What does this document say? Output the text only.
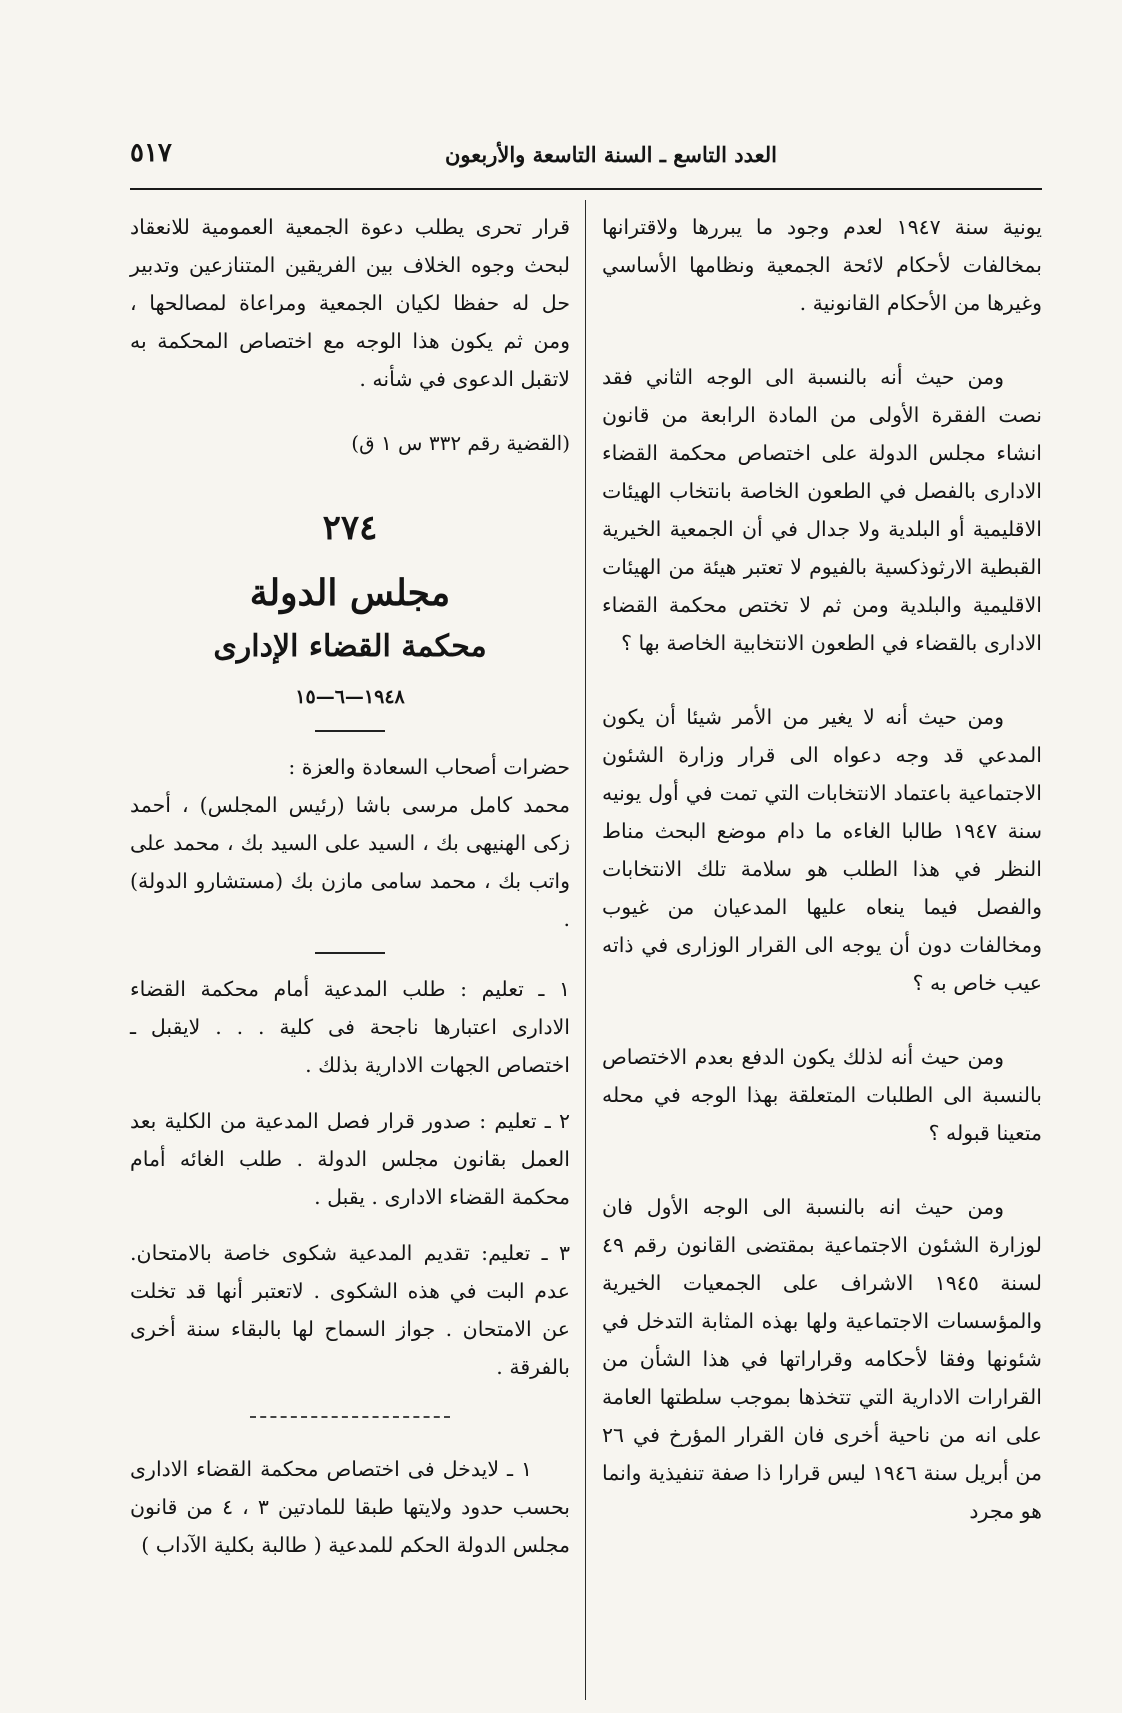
العدد التاسع ـ السنة التاسعة والأربعون
٥١٧

يونية سنة ١٩٤٧ لعدم وجود ما يبررها ولاقترانها بمخالفات لأحكام لائحة الجمعية ونظامها الأساسي وغيرها من الأحكام القانونية .

ومن حيث أنه بالنسبة الى الوجه الثاني فقد نصت الفقرة الأولى من المادة الرابعة من قانون انشاء مجلس الدولة على اختصاص محكمة القضاء الادارى بالفصل في الطعون الخاصة بانتخاب الهيئات الاقليمية أو البلدية ولا جدال في أن الجمعية الخيرية القبطية الارثوذكسية بالفيوم لا تعتبر هيئة من الهيئات الاقليمية والبلدية ومن ثم لا تختص محكمة القضاء الادارى بالقضاء في الطعون الانتخابية الخاصة بها ؟

ومن حيث أنه لا يغير من الأمر شيئا أن يكون المدعي قد وجه دعواه الى قرار وزارة الشئون الاجتماعية باعتماد الانتخابات التي تمت في أول يونيه سنة ١٩٤٧ طالبا الغاءه ما دام موضع البحث مناط النظر في هذا الطلب هو سلامة تلك الانتخابات والفصل فيما ينعاه عليها المدعيان من غيوب ومخالفات دون أن يوجه الى القرار الوزارى في ذاته عيب خاص به ؟

ومن حيث أنه لذلك يكون الدفع بعدم الاختصاص بالنسبة الى الطلبات المتعلقة بهذا الوجه في محله متعينا قبوله ؟

ومن حيث انه بالنسبة الى الوجه الأول فان لوزارة الشئون الاجتماعية بمقتضى القانون رقم ٤٩ لسنة ١٩٤٥ الاشراف على الجمعيات الخيرية والمؤسسات الاجتماعية ولها بهذه المثابة التدخل في شئونها وفقا لأحكامه وقراراتها في هذا الشأن من القرارات الادارية التي تتخذها بموجب سلطتها العامة على انه من ناحية أخرى فان القرار المؤرخ في ٢٦ من أبريل سنة ١٩٤٦ ليس قرارا ذا صفة تنفيذية وانما هو مجرد

قرار تحرى يطلب دعوة الجمعية العمومية للانعقاد لبحث وجوه الخلاف بين الفريقين المتنازعين وتدبير حل له حفظا لكيان الجمعية ومراعاة لمصالحها ، ومن ثم يكون هذا الوجه مع اختصاص المحكمة به لاتقبل الدعوى في شأنه .

(القضية رقم ٣٣٢ س ١ ق)

٢٧٤
مجلس الدولة
محكمة القضاء الإدارى
١٩٤٨—٦—١٥

حضرات أصحاب السعادة والعزة :

محمد كامل مرسى باشا (رئيس المجلس) ، أحمد زكى الهنيهى بك ، السيد على السيد بك ، محمد على واتب بك ، محمد سامى مازن بك (مستشارو الدولة) .

١ ـ تعليم : طلب المدعية أمام محكمة القضاء الادارى اعتبارها ناجحة فى كلية . . . لايقبل ـ اختصاص الجهات الادارية بذلك .

٢ ـ تعليم : صدور قرار فصل المدعية من الكلية بعد العمل بقانون مجلس الدولة . طلب الغائه أمام محكمة القضاء الادارى . يقبل .

٣ ـ تعليم: تقديم المدعية شكوى خاصة بالامتحان. عدم البت في هذه الشكوى . لاتعتبر أنها قد تخلت عن الامتحان . جواز السماح لها بالبقاء سنة أخرى بالفرقة .

١ ـ لايدخل فى اختصاص محكمة القضاء الادارى بحسب حدود ولايتها طبقا للمادتين ٣ ، ٤ من قانون مجلس الدولة الحكم للمدعية ( طالبة بكلية الآداب )
